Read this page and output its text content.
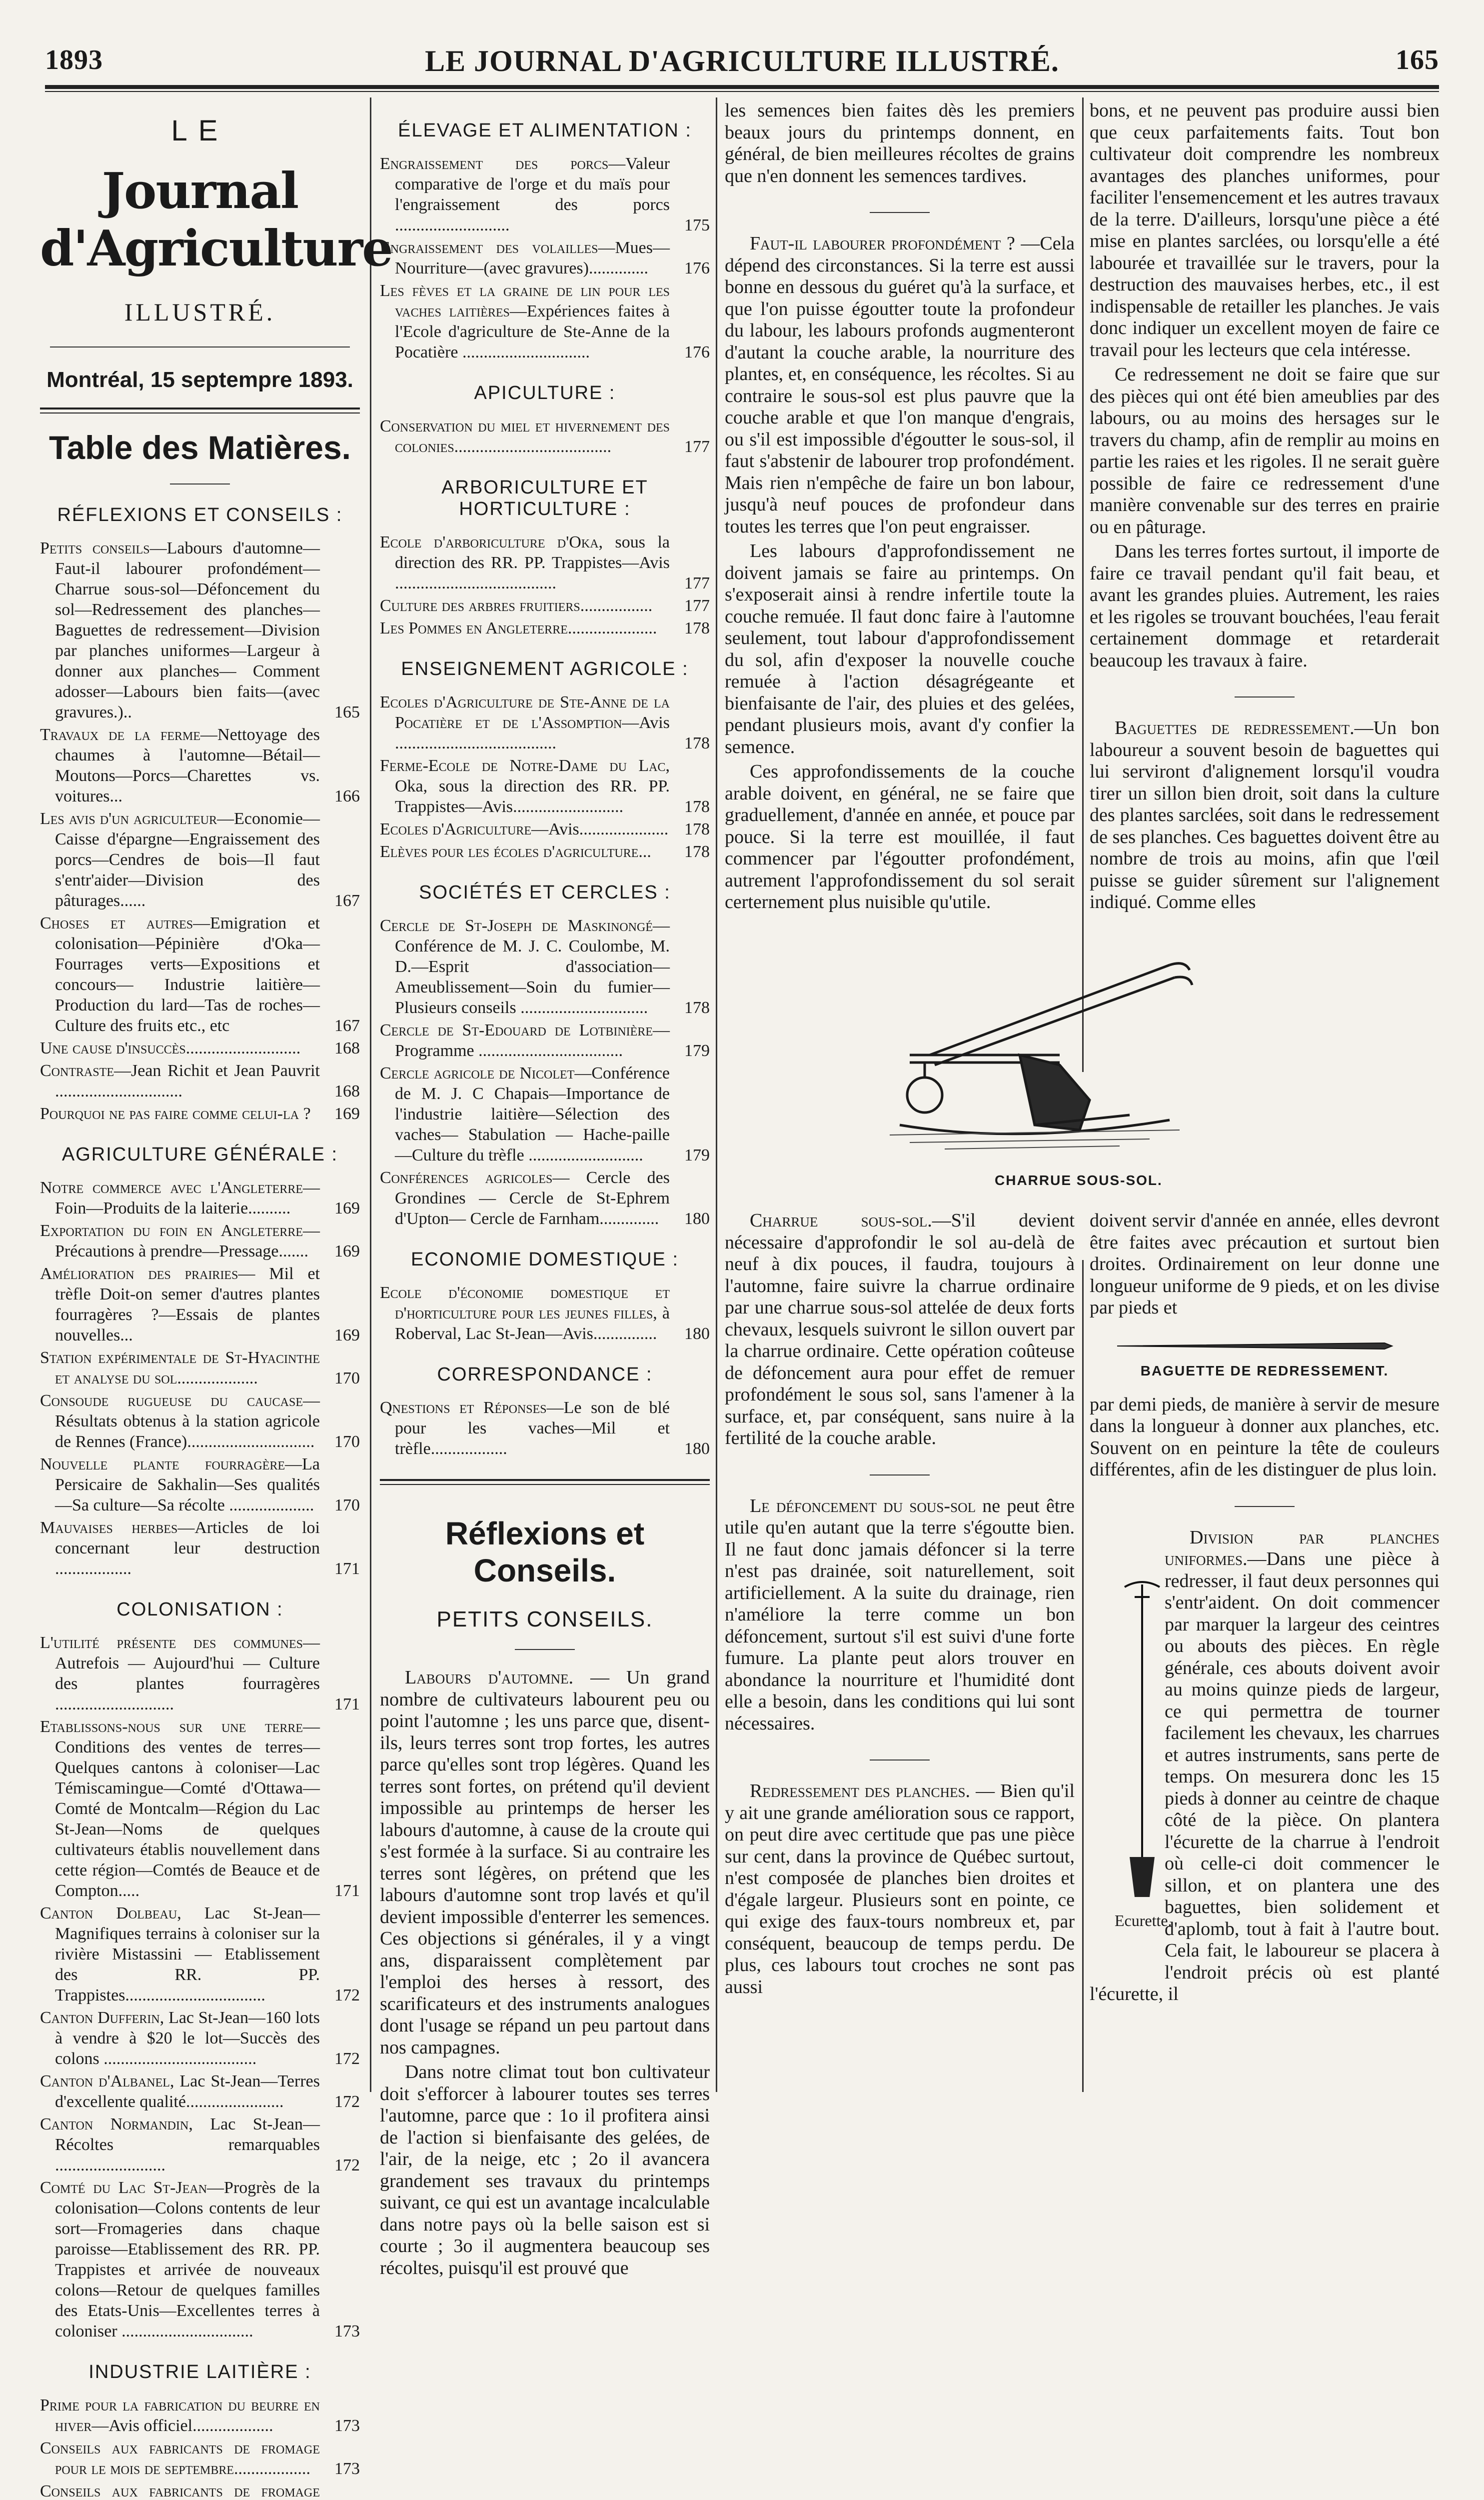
1893	LE JOURNAL D'AGRICULTURE ILLUSTRÉ.	165
LE
Journal d'Agriculture
ILLUSTRÉ.
Montréal, 15 septempre 1893.
Table des Matières.
RÉFLEXIONS ET CONSEILS :
Petits conseils—Labours d'automne—Faut-il labourer profondément—Charrue sous-sol—Défoncement du sol—Redressement des planches—Baguettes de redressement—Division par planches uniformes—Largeur à donner aux planches— Comment adosser—Labours bien faits—(avec gravures.)..	165
Travaux de la ferme—Nettoyage des chaumes à l'automne—Bétail—Moutons—Porcs—Charettes vs. voitures...	166
Les avis d'un agriculteur—Economie—Caisse d'épargne—Engraissement des porcs—Cendres de bois—Il faut s'entr'aider—Division des pâturages......	167
Choses et autres—Emigration et colonisation—Pépinière d'Oka— Fourrages verts—Expositions et concours— Industrie laitière—Production du lard—Tas de roches— Culture des fruits etc., etc	167
Une cause d'insuccès........................... 168
Contraste—Jean Richit et Jean Pauvrit ..............................	168
Pourquoi ne pas faire comme celui-la ? 169
AGRICULTURE GÉNÉRALE :
Notre commerce avec l'Angleterre—Foin—Produits de la laiterie..........	169
Exportation du foin en Angleterre—Précautions à prendre—Pressage....... 169
Amélioration des prairies— Mil et trèfle Doit-on semer d'autres plantes fourragères ?—Essais de plantes nouvelles...	169
Station expérimentale de St-Hyacinthe et analyse du sol...................	170
Consoude rugueuse du caucase—Résultats obtenus à la station agricole de Rennes (France).............................. 170
Nouvelle plante fourragère—La Persicaire de Sakhalin—Ses qualités—Sa culture—Sa récolte .................... 170
Mauvaises herbes—Articles de loi concernant leur destruction ..................	171
COLONISATION :
L'utilité présente des communes—Autrefois — Aujourd'hui — Culture des plantes fourragères ............................	171
Etablissons-nous sur une terre—Conditions des ventes de terres—Quelques cantons à coloniser—Lac Témiscamingue—Comté d'Ottawa—Comté de Montcalm—Région du Lac St-Jean—Noms de quelques cultivateurs établis nouvellement dans cette région—Comtés de Beauce et de Compton.....	171
Canton Dolbeau, Lac St-Jean—Magnifiques terrains à coloniser sur la rivière Mistassini — Etablissement des RR. PP. Trappistes.................................	172
Canton Dufferin, Lac St-Jean—160 lots à vendre à $20 le lot—Succès des colons ....................................	172
Canton d'Albanel, Lac St-Jean—Terres d'excellente qualité.......................	172
Canton Normandin, Lac St-Jean—Récoltes remarquables ..........................	172
Comté du Lac St-Jean—Progrès de la colonisation—Colons contents de leur sort—Fromageries dans chaque paroisse—Etablissement des RR. PP. Trappistes et arrivée de nouveaux colons—Retour de quelques familles des Etats-Unis—Excellentes terres à coloniser ...............................	173
INDUSTRIE LAITIÈRE :
Prime pour la fabrication du beurre en hiver—Avis officiel...................	173
Conseils aux fabricants de fromage pour le mois de septembre.................. 173
Conseils aux fabricants de fromage
ÉLEVAGE ET ALIMENTATION :
Engraissement des porcs—Valeur comparative de l'orge et du maïs pour l'engraissement des porcs ...........................	175
Engraissement des volailles—Mues—Nourriture—(avec gravures).............. 176
Les fèves et la graine de lin pour les vaches laitières—Expériences faites à l'Ecole d'agriculture de Ste-Anne de la Pocatière ..............................	176
APICULTURE :
Conservation du miel et hivernement des colonies.....................................	177
ARBORICULTURE ET HORTICULTURE :
Ecole d'arboriculture d'Oka, sous la direction des RR. PP. Trappistes—Avis ......................................	177
Culture des arbres fruitiers................. 177
Les Pommes en Angleterre..................... 178
ENSEIGNEMENT AGRICOLE :
Ecoles d'Agriculture de Ste-Anne de la Pocatière et de l'Assomption—Avis ......................................	178
Ferme-Ecole de Notre-Dame du Lac, Oka, sous la direction des RR. PP. Trappistes—Avis..........................	178
Ecoles d'Agriculture—Avis..................... 178
Elèves pour les écoles d'agriculture... 178
SOCIÉTÉS ET CERCLES :
Cercle de St-Joseph de Maskinongé—Conférence de M. J. C. Coulombe, M. D.—Esprit d'association—Ameublissement—Soin du fumier—Plusieurs conseils .............................. 178
Cercle de St-Edouard de Lotbinière—Programme ..................................	179
Cercle agricole de Nicolet—Conférence de M. J. C Chapais—Importance de l'industrie laitière—Sélection des vaches— Stabulation — Hache-paille —Culture du trèfle ........................... 179
Conférences agricoles— Cercle des Grondines — Cercle de St-Ephrem d'Upton— Cercle de Farnham.............. 180
ECONOMIE DOMESTIQUE :
Ecole d'économie domestique et d'horticulture pour les jeunes filles, à Roberval, Lac St-Jean—Avis............... 180
CORRESPONDANCE :
Qnestions et Réponses—Le son de blé pour les vaches—Mil et trèfle..................	180
Réflexions et Conseils.
PETITS CONSEILS.

Labours d'automne. — Un grand nombre de cultivateurs labourent peu ou point l'automne ; les uns parce que, disent-ils, leurs terres sont trop fortes, les autres parce qu'elles sont trop légères. Quand les terres sont fortes, on prétend qu'il devient impossible au printemps de herser les labours d'automne, à cause de la croute qui s'est formée à la surface. Si au contraire les terres sont légères, on prétend que les labours d'automne sont trop lavés et qu'il devient impossible d'enterrer les semences. Ces objections si générales, il y a vingt ans, disparaissent complètement par l'emploi des herses à ressort, des scarificateurs et des instruments analogues dont l'usage se répand un peu partout dans nos campagnes.

Dans notre climat tout bon cultivateur doit s'efforcer à labourer toutes ses terres l'automne, parce que : 1o il profitera ainsi de l'action si bienfaisante des gelées, de l'air, de la neige, etc ; 2o il avancera grandement ses travaux du printemps suivant, ce qui est un avantage incalculable dans notre pays où la belle saison est si courte ; 3o il augmentera beaucoup ses récoltes, puisqu'il est prouvé que

les semences bien faites dès les premiers beaux jours du printemps donnent, en général, de bien meilleures récoltes de grains que n'en donnent les semences tardives.

Faut-il labourer profondément ? —Cela dépend des circonstances. Si la terre est aussi bonne en dessous du guéret qu'à la surface, et que l'on puisse égoutter toute la profondeur du labour, les labours profonds augmenteront d'autant la couche arable, la nourriture des plantes, et, en conséquence, les récoltes. Si au contraire le sous-sol est plus pauvre que la couche arable et que l'on manque d'engrais, ou s'il est impossible d'égoutter le sous-sol, il faut s'abstenir de labourer trop profondément. Mais rien n'empêche de faire un bon labour, jusqu'à neuf pouces de profondeur dans toutes les terres que l'on peut engraisser.

Les labours d'approfondissement ne doivent jamais se faire au printemps. On s'exposerait ainsi à rendre infertile toute la couche remuée. Il faut donc faire à l'automne seulement, tout labour d'approfondissement du sol, afin d'exposer la nouvelle couche remuée à l'action désagrégeante et bienfaisante de l'air, des pluies et des gelées, pendant plusieurs mois, avant d'y confier la semence.

Ces approfondissements de la couche arable doivent, en général, ne se faire que graduellement, d'année en année, et pouce par pouce. Si la terre est mouillée, il faut commencer par l'égoutter profondément, autrement l'approfondissement du sol serait certernement plus nuisible qu'utile.

bons, et ne peuvent pas produire aussi bien que ceux parfaitements faits. Tout bon cultivateur doit comprendre les nombreux avantages des planches uniformes, pour faciliter l'ensemencement et les autres travaux de la terre. D'ailleurs, lorsqu'une pièce a été mise en plantes sarclées, ou lorsqu'elle a été labourée et travaillée sur le travers, pour la destruction des mauvaises herbes, etc., il est indispensable de retailler les planches. Je vais donc indiquer un excellent moyen de faire ce travail pour les lecteurs que cela intéresse.

Ce redressement ne doit se faire que sur des pièces qui ont été bien ameublies par des labours, ou au moins des hersages sur le travers du champ, afin de remplir au moins en partie les raies et les rigoles. Il ne serait guère possible de faire ce redressement d'une manière convenable sur des terres en prairie ou en pâturage.

Dans les terres fortes surtout, il importe de faire ce travail pendant qu'il fait beau, et avant les grandes pluies. Autrement, les raies et les rigoles se trouvant bouchées, l'eau ferait certainement dommage et retarderait beaucoup les travaux à faire.

Baguettes de redressement.—Un bon laboureur a souvent besoin de baguettes qui lui serviront d'alignement lorsqu'il voudra tirer un sillon bien droit, soit dans la culture des plantes sarclées, soit dans le redressement de ses planches. Ces baguettes doivent être au nombre de trois au moins, afin que l'œil puisse se guider sûrement sur l'alignement indiqué. Comme elles

CHARRUE SOUS-SOL.

Charrue sous-sol.—S'il devient nécessaire d'approfondir le sol au-delà de neuf à dix pouces, il faudra, toujours à l'automne, faire suivre la charrue ordinaire par une charrue sous-sol attelée de deux forts chevaux, lesquels suivront le sillon ouvert par la charrue ordinaire. Cette opération coûteuse de défoncement aura pour effet de remuer profondément le sous sol, sans l'amener à la surface, et, par conséquent, sans nuire à la fertilité de la couche arable.

Le défoncement du sous-sol ne peut être utile qu'en autant que la terre s'égoutte bien. Il ne faut donc jamais défoncer si la terre n'est pas drainée, soit naturellement, soit artificiellement. A la suite du drainage, rien n'améliore la terre comme un bon défoncement, surtout s'il est suivi d'une forte fumure. La plante peut alors trouver en abondance la nourriture et l'humidité dont elle a besoin, dans les conditions qui lui sont nécessaires.

Redressement des planches. — Bien qu'il y ait une grande amélioration sous ce rapport, on peut dire avec certitude que pas une pièce sur cent, dans la province de Québec surtout, n'est composée de planches bien droites et d'égale largeur. Plusieurs sont en pointe, ce qui exige des faux-tours nombreux et, par conséquent, beaucoup de temps perdu. De plus, ces labours tout croches ne sont pas aussi

doivent servir d'année en année, elles devront être faites avec précaution et surtout bien droites. Ordinairement on leur donne une longueur uniforme de 9 pieds, et on les divise par pieds et

BAGUETTE DE REDRESSEMENT.

par demi pieds, de manière à servir de mesure dans la longueur à donner aux planches, etc. Souvent on en peinture la tête de couleurs différentes, afin de les distinguer de plus loin.

Ecurette.
Division par planches uniformes.—Dans une pièce à redresser, il faut deux personnes qui s'entr'aident. On doit commencer par marquer la largeur des ceintres ou abouts des pièces. En règle générale, ces abouts doivent avoir au moins quinze pieds de largeur, ce qui permettra de tourner facilement les chevaux, les charrues et autres instruments, sans perte de temps. On mesurera donc les 15 pieds à donner au ceintre de chaque côté de la pièce. On plantera l'écurette de la charrue à l'endroit où celle-ci doit commencer le sillon, et on plantera une des baguettes, bien solidement et d'aplomb, tout à fait à l'autre bout. Cela fait, le laboureur se placera à l'endroit précis où est planté l'écurette, il
